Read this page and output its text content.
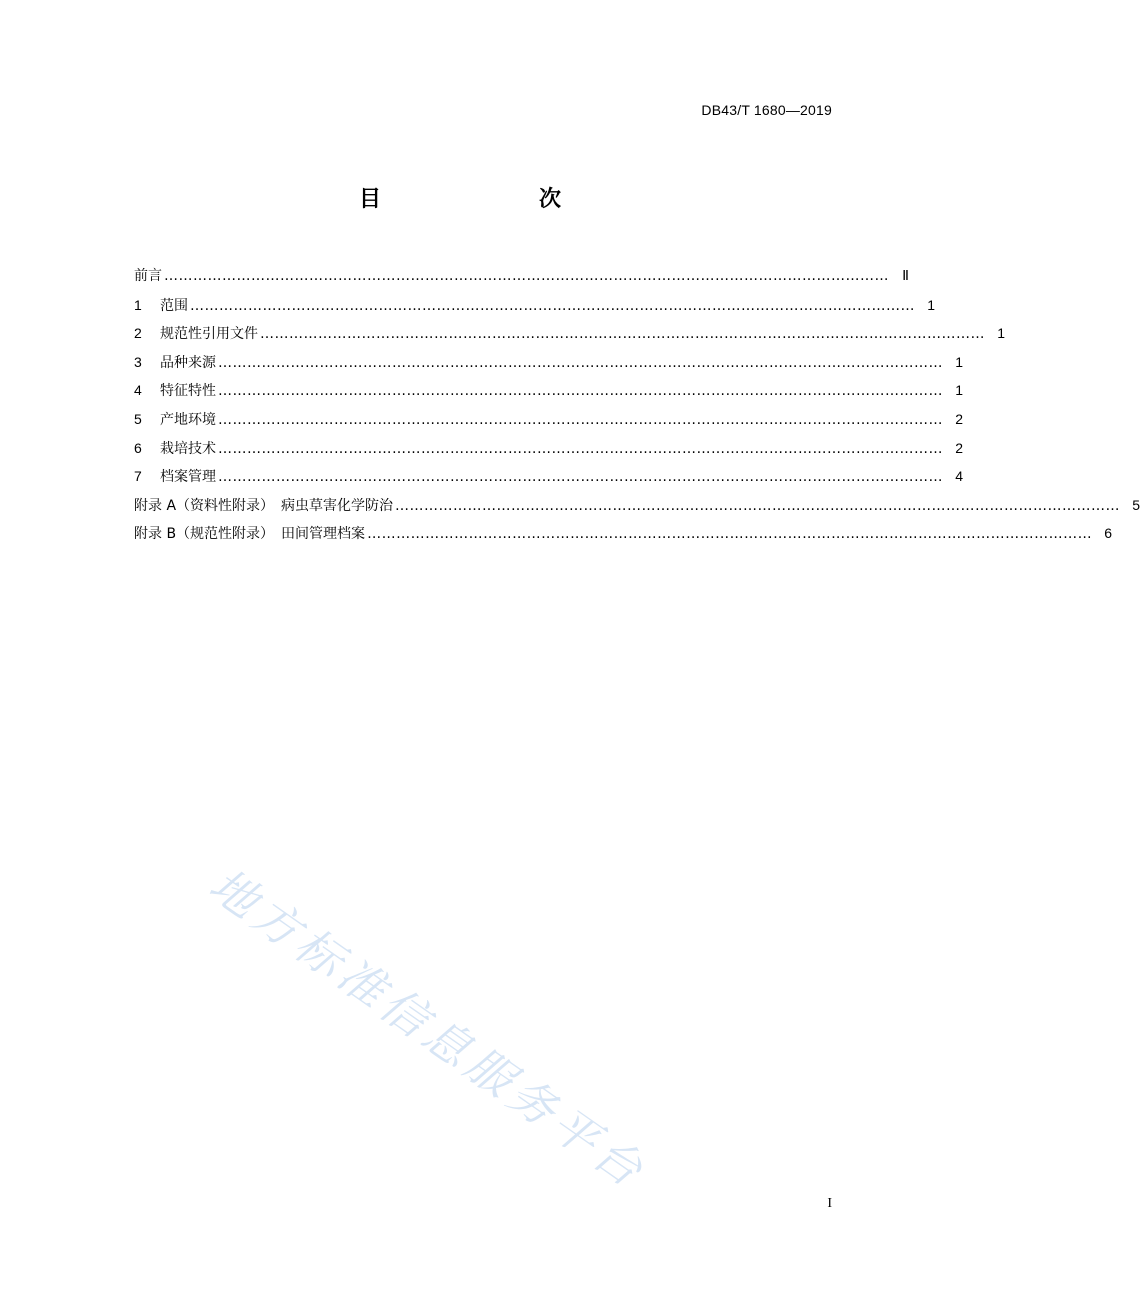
DB43/T 1680—2019
目　　次
前言 …………………………………………………………………………………………………………………………………… Ⅱ
1	范围 …………………………………………………………………………………………………………………………………… 1
2	规范性引用文件 …………………………………………………………………………………………………………………………………… 1
3	品种来源 …………………………………………………………………………………………………………………………………… 1
4	特征特性 …………………………………………………………………………………………………………………………………… 1
5	产地环境 …………………………………………………………………………………………………………………………………… 2
6	栽培技术 …………………………………………………………………………………………………………………………………… 2
7	档案管理 …………………………………………………………………………………………………………………………………… 4
附录 A（资料性附录）　病虫草害化学防治 …………………………………………………………………………………………………………………………………… 5
附录 B（规范性附录）　田间管理档案 …………………………………………………………………………………………………………………………………… 6
地方标准信息服务平台
I
